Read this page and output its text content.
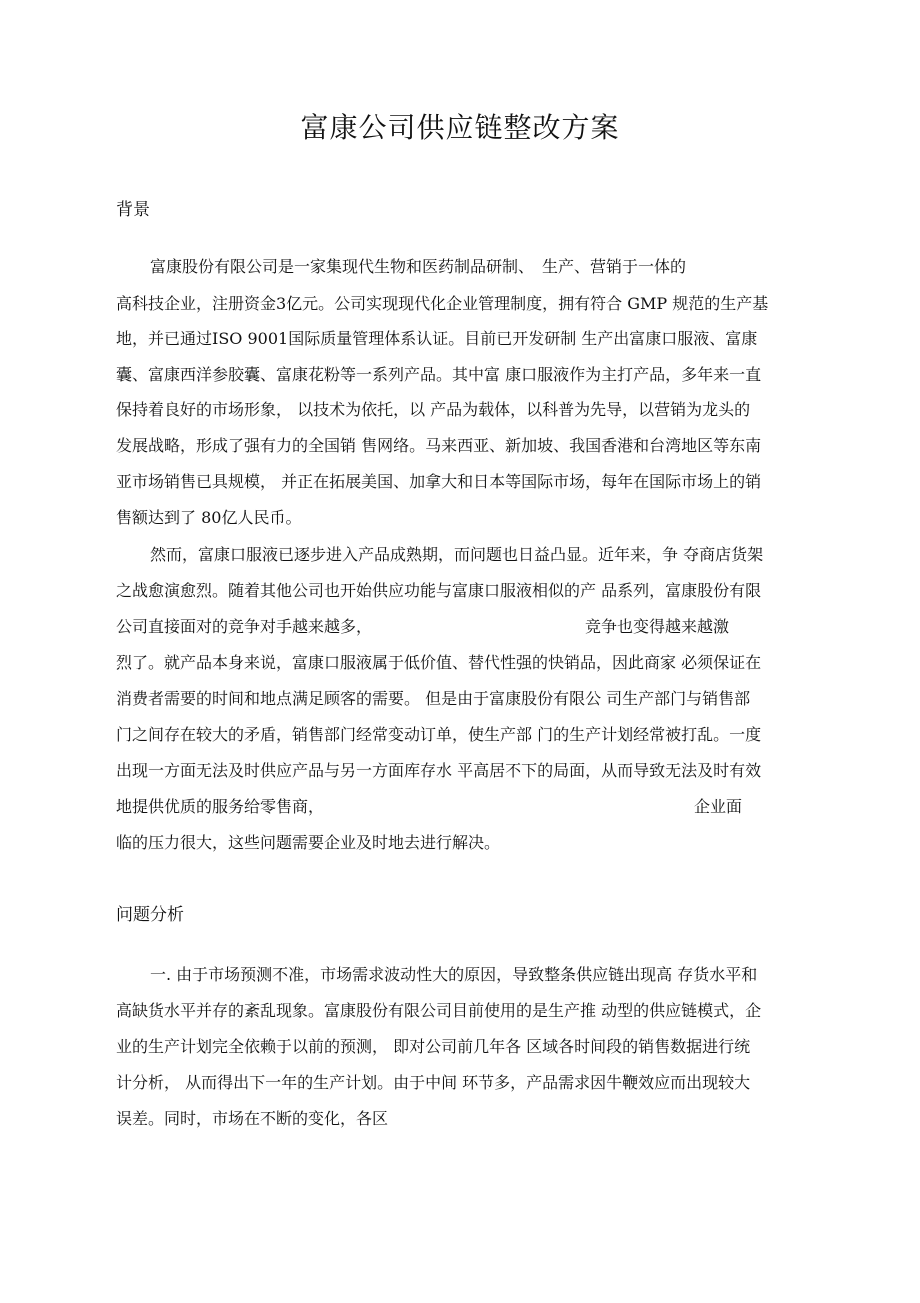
富康公司供应链整改方案
背景
富康股份有限公司是一家集现代生物和医药制品研制、　生产、营销于一体的
高科技企业，注册资金3亿元。公司实现现代化企业管理制度，拥有符合 GMP 规范的生产基
地，并已通过ISO 9001国际质量管理体系认证。目前已开发研制 生产出富康口服液、富康
囊、富康西洋参胶囊、富康花粉等一系列产品。其中富 康口服液作为主打产品，多年来一直
保持着良好的市场形象， 以技术为依托，以 产品为载体，以科普为先导，以营销为龙头的
发展战略，形成了强有力的全国销 售网络。马来西亚、新加坡、我国香港和台湾地区等东南
亚市场销售已具规模， 并正在拓展美国、加拿大和日本等国际市场，每年在国际市场上的销
售额达到了 80亿人民币。
然而，富康口服液已逐步进入产品成熟期，而问题也日益凸显。近年来，争 夺商店货架
之战愈演愈烈。随着其他公司也开始供应功能与富康口服液相似的产 品系列，富康股份有限
公司直接面对的竞争对手越来越多，	竞争也变得越来越激
烈了。就产品本身来说，富康口服液属于低价值、替代性强的快销品，因此商家 必须保证在
消费者需要的时间和地点满足顾客的需要。 但是由于富康股份有限公 司生产部门与销售部
门之间存在较大的矛盾，销售部门经常变动订单，使生产部 门的生产计划经常被打乱。一度
出现一方面无法及时供应产品与另一方面库存水 平高居不下的局面，从而导致无法及时有效
地提供优质的服务给零售商，	企业面
临的压力很大，这些问题需要企业及时地去进行解决。
问题分析
一. 由于市场预测不准，市场需求波动性大的原因，导致整条供应链出现高 存货水平和
高缺货水平并存的紊乱现象。富康股份有限公司目前使用的是生产推 动型的供应链模式，企
业的生产计划完全依赖于以前的预测， 即对公司前几年各 区域各时间段的销售数据进行统
计分析， 从而得出下一年的生产计划。由于中间 环节多，产品需求因牛鞭效应而出现较大
误差。同时，市场在不断的变化，各区
